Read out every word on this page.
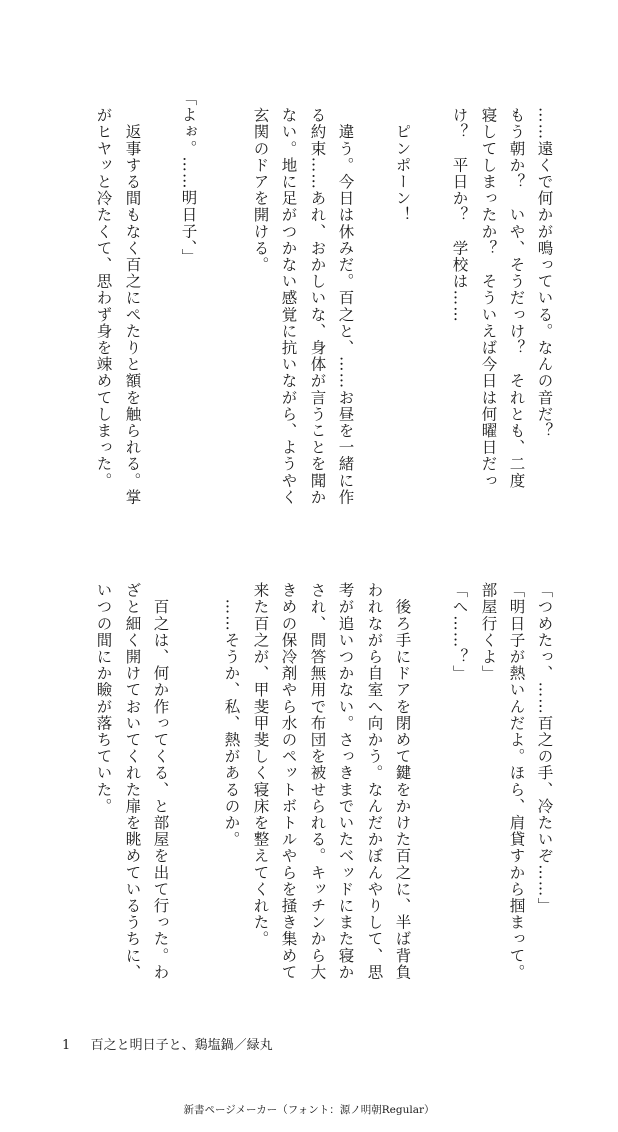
……遠くで何かが鳴っている。なんの音だ？
もう朝か？　いや、そうだっけ？　それとも、二度
寝してしまったか？　そういえば今日は何曜日だっ
け？　平日か？　学校は……
　ピンポーン！
　違う。今日は休みだ。百之と、……お昼を一緒に作
る約束……あれ、おかしいな、身体が言うことを聞か
ない。地に足がつかない感覚に抗いながら、ようやく
玄関のドアを開ける。
「よぉ。……明日子、」
　返事する間もなく百之にぺたりと額を触られる。掌
がヒヤッと冷たくて、思わず身を竦めてしまった。
「つめたっ、……百之の手、冷たいぞ……」
「明日子が熱いんだよ。ほら、肩貸すから掴まって。
部屋行くよ」
「へ……？」
　後ろ手にドアを閉めて鍵をかけた百之に、半ば背負
われながら自室へ向かう。なんだかぼんやりして、思
考が追いつかない。さっきまでいたベッドにまた寝か
され、問答無用で布団を被せられる。キッチンから大
きめの保冷剤やら水のペットボトルやらを掻き集めて
来た百之が、甲斐甲斐しく寝床を整えてくれた。
　……そうか、私、熱があるのか。
　百之は、何か作ってくる、と部屋を出て行った。わ
ざと細く開けておいてくれた扉を眺めているうちに、
いつの間にか瞼が落ちていた。
1 百之と明日子と、鶏塩鍋／緑丸
新書ページメーカー（フォント：源ノ明朝Regular）
